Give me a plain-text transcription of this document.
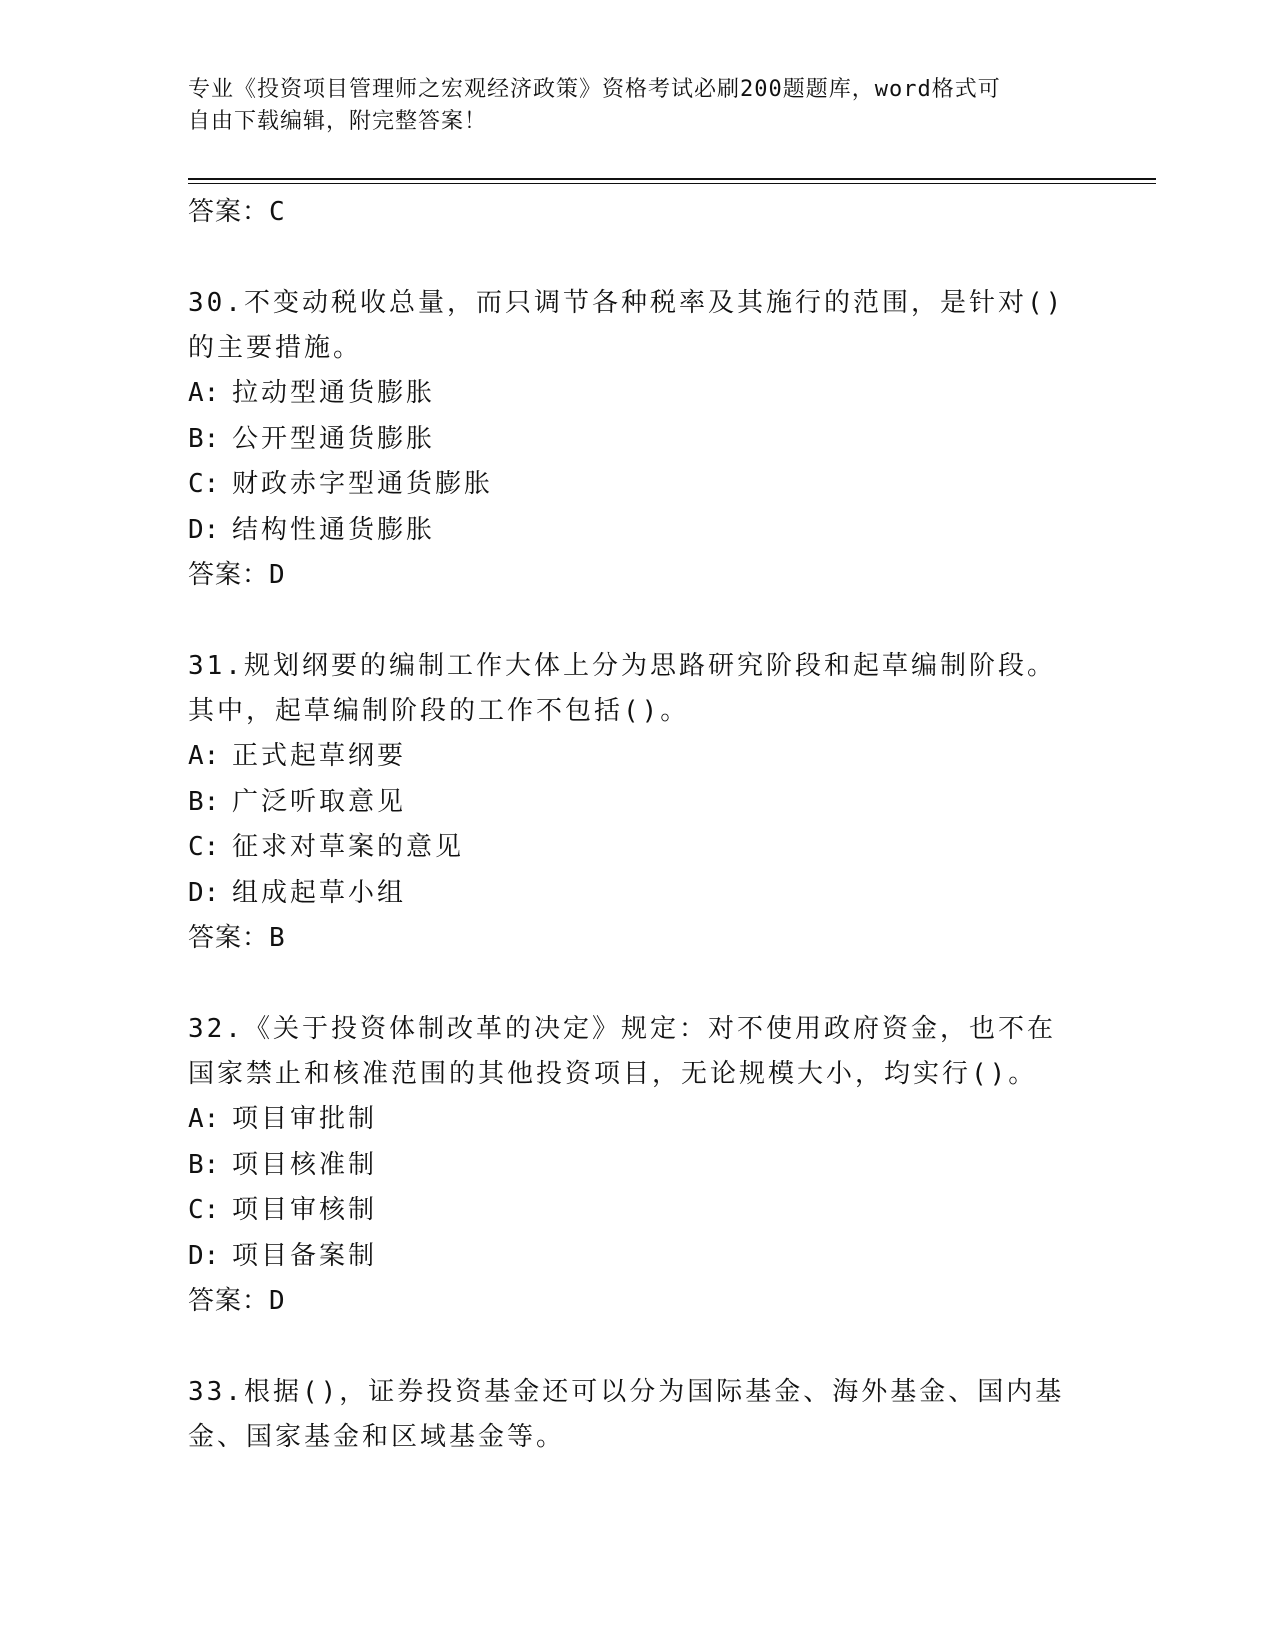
专业《投资项目管理师之宏观经济政策》资格考试必刷200题题库，word格式可
自由下载编辑，附完整答案！

答案：C

30.不变动税收总量，而只调节各种税率及其施行的范围，是针对()的主要措施。

A: 拉动型通货膨胀
B: 公开型通货膨胀
C: 财政赤字型通货膨胀
D: 结构性通货膨胀

答案：D

31.规划纲要的编制工作大体上分为思路研究阶段和起草编制阶段。其中，起草编制阶段的工作不包括()。

A: 正式起草纲要
B: 广泛听取意见
C: 征求对草案的意见
D: 组成起草小组

答案：B

32.《关于投资体制改革的决定》规定：对不使用政府资金，也不在国家禁止和核准范围的其他投资项目，无论规模大小，均实行()。

A: 项目审批制
B: 项目核准制
C: 项目审核制
D: 项目备案制

答案：D

33.根据()，证券投资基金还可以分为国际基金、海外基金、国内基金、国家基金和区域基金等。
